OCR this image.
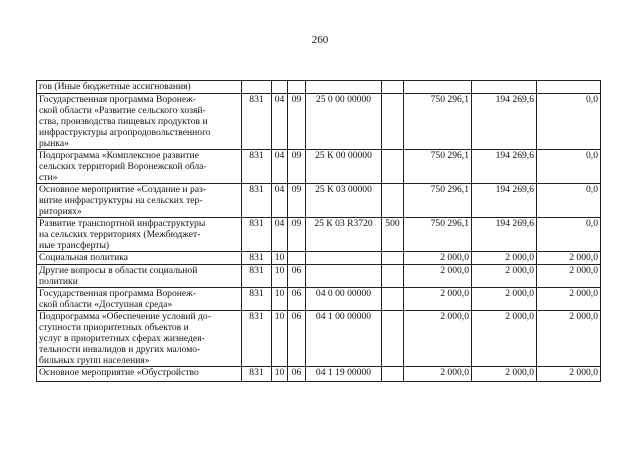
260
гов (Иные бюджетные ассигнования)								

Государственная программа Воронеж-
ской области «Развитие сельского хозяй-
ства, производства пищевых продуктов и
инфраструктуры агропродовольственного
рынка»	831	04	09	25 0 00 00000		750 296,1	194 269,6	0,0

Подпрограмма «Комплексное развитие
сельских территорий Воронежской обла-
сти»	831	04	09	25 К 00 00000		750 296,1	194 269,6	0,0

Основное мероприятие «Создание и раз-
витие инфраструктуры на сельских тер-
риториях»	831	04	09	25 К 03 00000		750 296,1	194 269,6	0,0

Развитие транспортной инфраструктуры
на сельских территориях (Межбюджет-
ные трансферты)	831	04	09	25 К 03 R3720	500	750 296,1	194 269,6	0,0

Социальная политика	831	10				2 000,0	2 000,0	2 000,0

Другие вопросы в области социальной
политики	831	10	06			2 000,0	2 000,0	2 000,0

Государственная программа Воронеж-
ской области «Доступная среда»	831	10	06	04 0 00 00000		2 000,0	2 000,0	2 000,0

Подпрограмма «Обеспечение условий до-
ступности приоритетных объектов и
услуг в приоритетных сферах жизнедея-
тельности инвалидов и других маломо-
бильных групп населения»	831	10	06	04 1 00 00000		2 000,0	2 000,0	2 000,0

Основное мероприятие «Обустройство	831	10	06	04 1 19 00000		2 000,0	2 000,0	2 000,0
